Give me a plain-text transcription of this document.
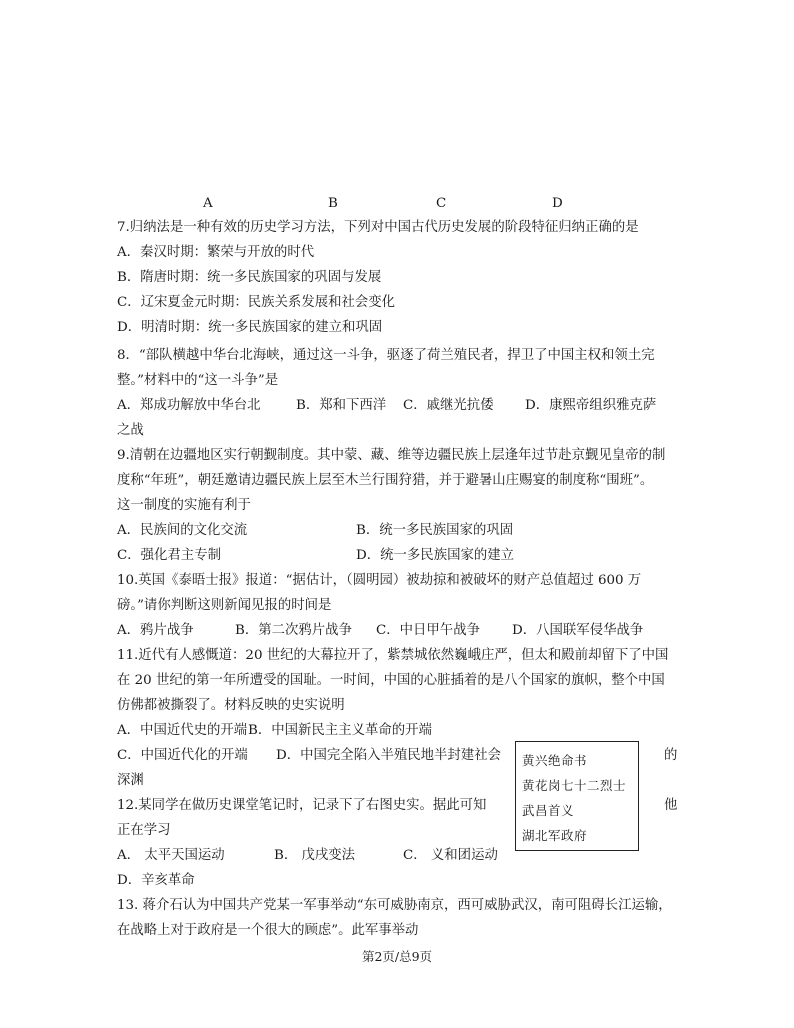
A	B	C	D
7.归纳法是一种有效的历史学习方法，下列对中国古代历史发展的阶段特征归纳正确的是
A．秦汉时期：繁荣与开放的时代
B．隋唐时期：统一多民族国家的巩固与发展
C．辽宋夏金元时期：民族关系发展和社会变化
D．明清时期：统一多民族国家的建立和巩固
8．“部队横越中华台北海峡，通过这一斗争，驱逐了荷兰殖民者，捍卫了中国主权和领土完
整。”材料中的“这一斗争”是
A．郑成功解放中华台北	B．郑和下西洋 C．戚继光抗倭 D．康熙帝组织雅克萨
之战
9.清朝在边疆地区实行朝觐制度。其中蒙、藏、维等边疆民族上层逢年过节赴京觐见皇帝的制
度称“年班”，朝廷邀请边疆民族上层至木兰行围狩猎，并于避暑山庄赐宴的制度称“围班”。
这一制度的实施有利于
A．民族间的文化交流	B．统一多民族国家的巩固
C．强化君主专制	D．统一多民族国家的建立
10.英国《泰晤士报》报道：“据估计，（圆明园）被劫掠和被破坏的财产总值超过 600 万
磅。”请你判断这则新闻见报的时间是
A．鸦片战争	B．第二次鸦片战争 C．中日甲午战争 D．八国联军侵华战争
11.近代有人感慨道：20 世纪的大幕拉开了，紫禁城依然巍峨庄严，但太和殿前却留下了中国
在 20 世纪的第一年所遭受的国耻。一时间，中国的心脏插着的是八个国家的旗帜，整个中国
仿佛都被撕裂了。材料反映的史实说明
A．中国近代史的开端 B．中国新民主主义革命的开端
C．中国近代化的开端 D．中国完全陷入半殖民地半封建社会	的
深渊
12.某同学在做历史课堂笔记时，记录下了右图史实。据此可知	他
正在学习
A． 太平天国运动	B． 戊戌变法	C． 义和团运动
D．辛亥革命
黄兴绝命书
黄花岗七十二烈士
武昌首义
湖北军政府
13. 蒋介石认为中国共产党某一军事举动“东可威胁南京，西可威胁武汉，南可阻碍长江运输，
在战略上对于政府是一个很大的顾虑”。此军事举动
第2页/总9页
